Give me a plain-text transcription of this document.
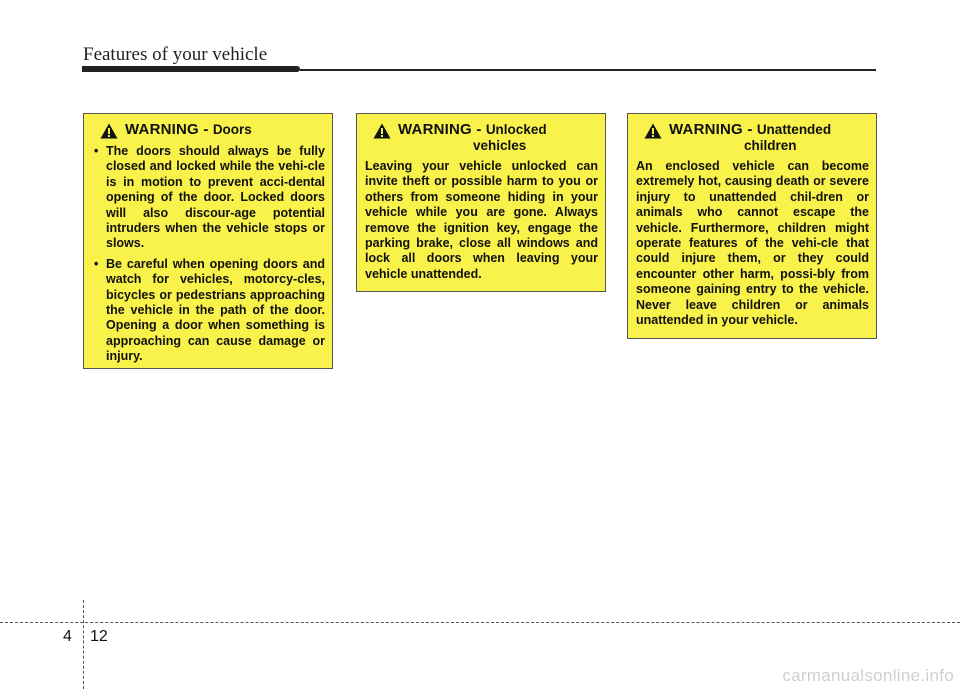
Features of your vehicle
WARNING - Doors
• The doors should always be fully closed and locked while the vehi-cle is in motion to prevent acci-dental opening of the door. Locked doors will also discour-age potential intruders when the vehicle stops or slows.
• Be careful when opening doors and watch for vehicles, motorcy-cles, bicycles or pedestrians approaching the vehicle in the path of the door. Opening a door when something is approaching can cause damage or injury.
WARNING - Unlocked
vehicles

Leaving your vehicle unlocked can invite theft or possible harm to you or others from someone hiding in your vehicle while you are gone. Always remove the ignition key, engage the parking brake, close all windows and lock all doors when leaving your vehicle unattended.

WARNING - Unattended
children

An enclosed vehicle can become extremely hot, causing death or severe injury to unattended chil-dren or animals who cannot escape the vehicle. Furthermore, children might operate features of the vehi-cle that could injure them, or they could encounter other harm, possi-bly from someone gaining entry to the vehicle. Never leave children or animals unattended in your vehicle.

4 12
carmanualsonline.info
